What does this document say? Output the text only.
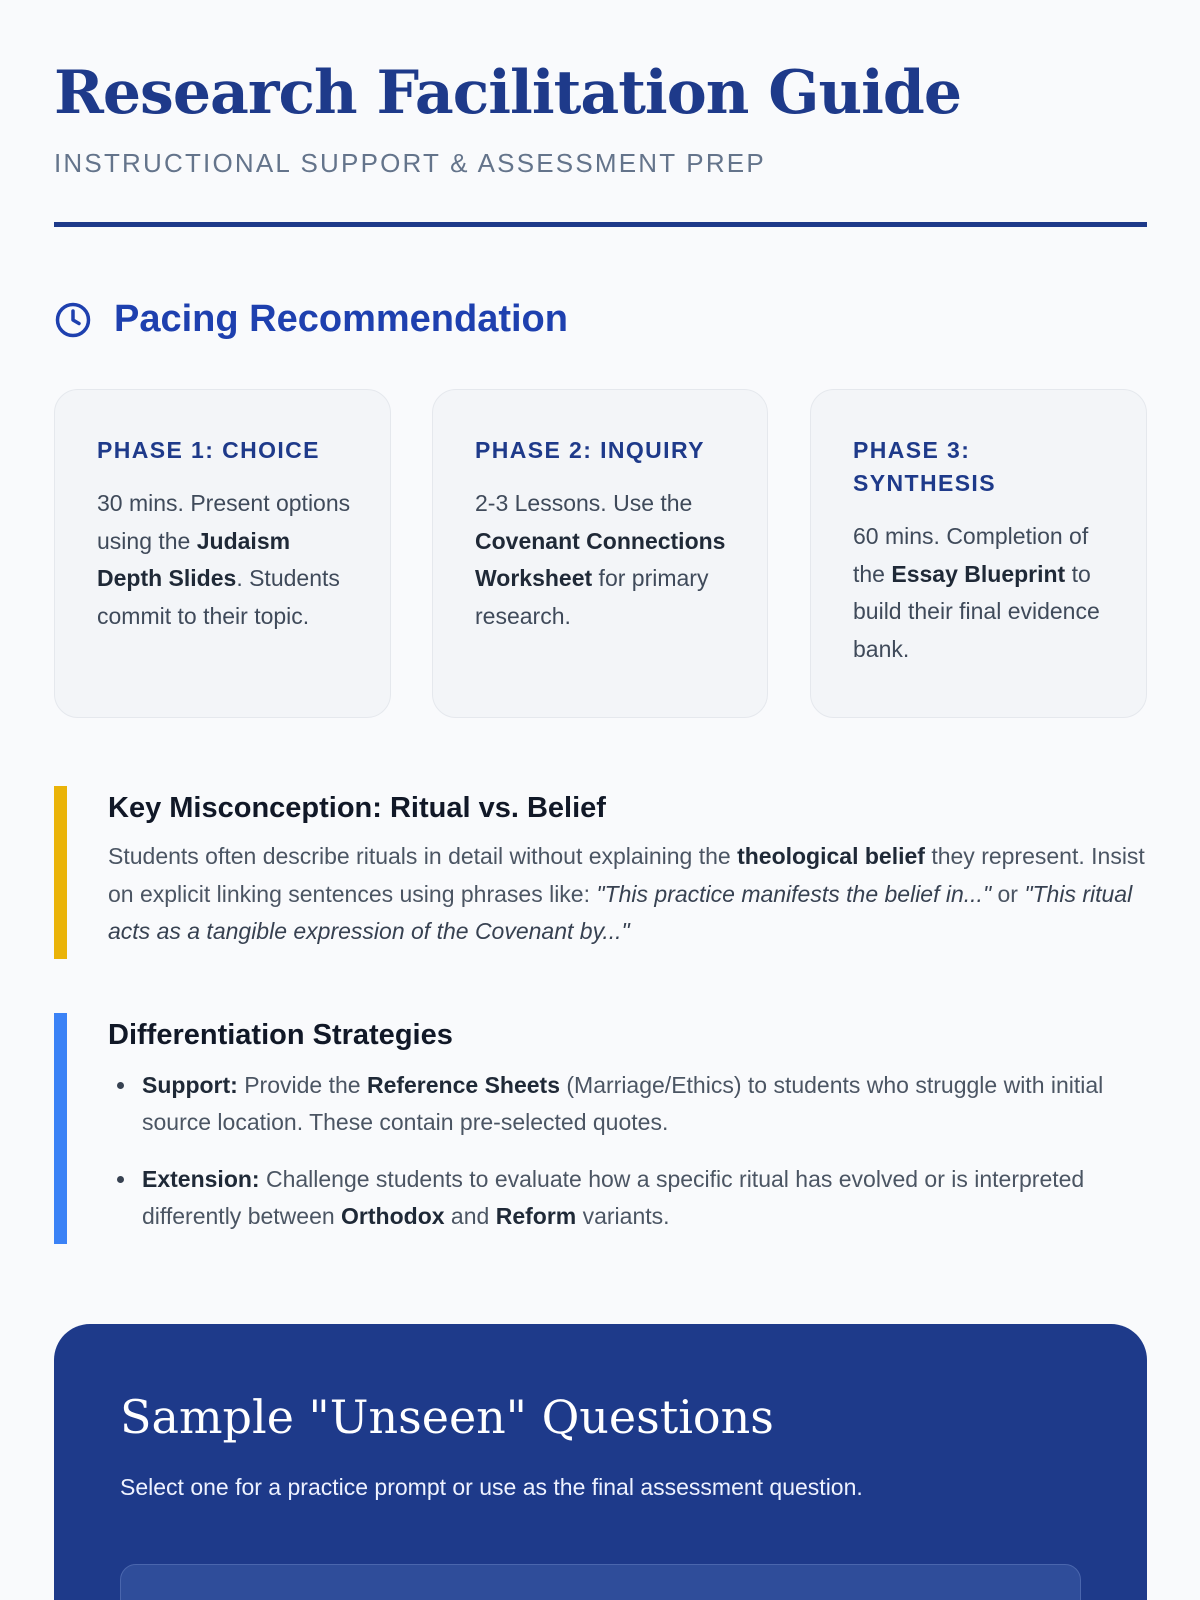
Research Facilitation Guide
INSTRUCTIONAL SUPPORT & ASSESSMENT PREP
Pacing Recommendation
PHASE 1: CHOICE
30 mins. Present options using the Judaism Depth Slides. Students commit to their topic.
PHASE 2: INQUIRY
2-3 Lessons. Use the Covenant Connections Worksheet for primary research.
PHASE 3: SYNTHESIS
60 mins. Completion of the Essay Blueprint to build their final evidence bank.
Key Misconception: Ritual vs. Belief

Students often describe rituals in detail without explaining the theological belief they represent. Insist on explicit linking sentences using phrases like: "This practice manifests the belief in..." or "This ritual acts as a tangible expression of the Covenant by..."

Differentiation Strategies
Support: Provide the Reference Sheets (Marriage/Ethics) to students who struggle with initial source location. These contain pre-selected quotes.
Extension: Challenge students to evaluate how a specific ritual has evolved or is interpreted differently between Orthodox and Reform variants.
Sample "Unseen" Questions

Select one for a practice prompt or use as the final assessment question.
